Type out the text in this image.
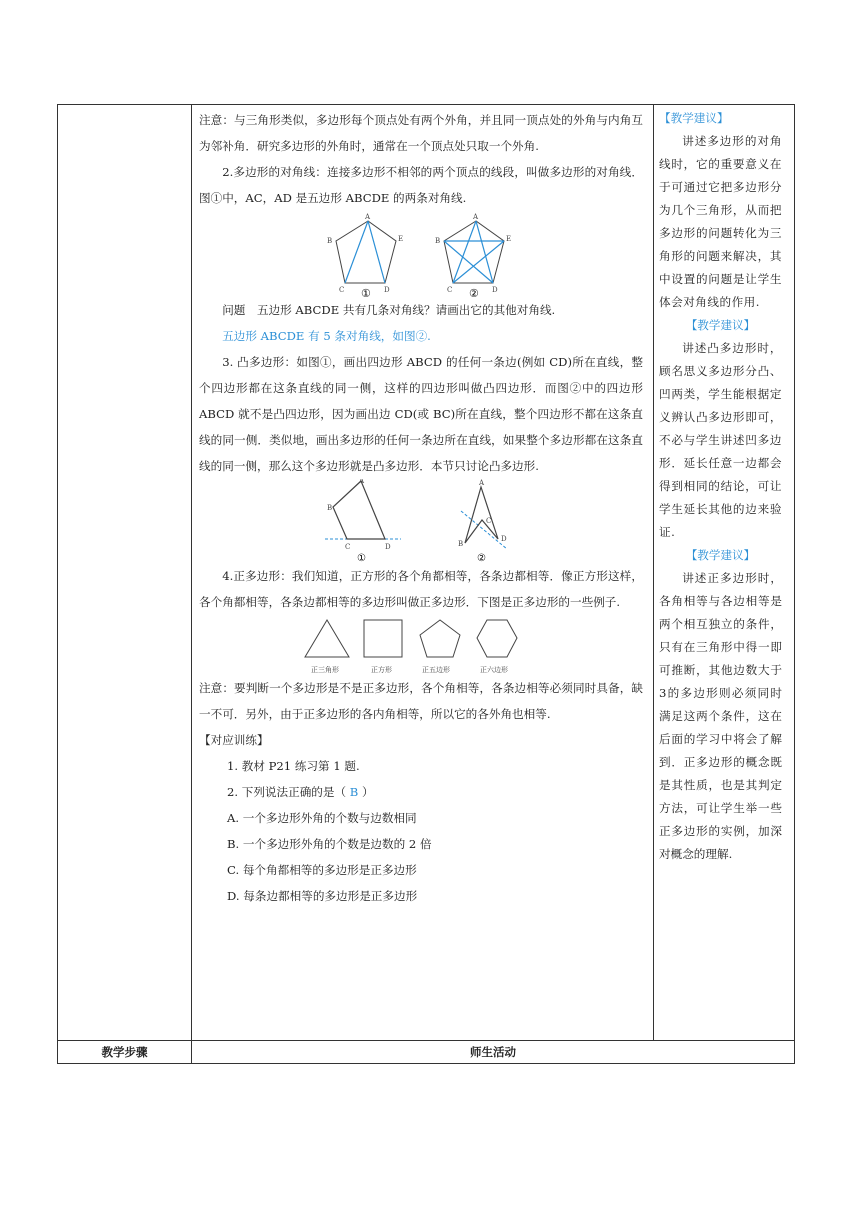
注意：与三角形类似，多边形每个顶点处有两个外角，并且同一顶点处的外角与内角互为邻补角．研究多边形的外角时，通常在一个顶点处只取一个外角.

2.多边形的对角线：连接多边形不相邻的两个顶点的线段，叫做多边形的对角线．图①中，AC，AD 是五边形 ABCDE 的两条对角线.

A
B
C	D
E
①
A
B
C	D
E
②

问题　五边形 ABCDE 共有几条对角线？请画出它的其他对角线.

五边形 ABCDE 有 5 条对角线，如图②.

3. 凸多边形：如图①，画出四边形 ABCD 的任何一条边(例如 CD)所在直线，整个四边形都在这条直线的同一侧，这样的四边形叫做凸四边形．而图②中的四边形 ABCD 就不是凸四边形，因为画出边 CD(或 BC)所在直线，整个四边形不都在这条直线的同一侧．类似地，画出多边形的任何一条边所在直线，如果整个多边形都在这条直线的同一侧，那么这个多边形就是凸多边形．本节只讨论凸多边形.

A
B
C	D
①
A
B
C
D
②

4.正多边形：我们知道，正方形的各个角都相等，各条边都相等．像正方形这样，各个角都相等，各条边都相等的多边形叫做正多边形．下图是正多边形的一些例子.

正三角形	正方形	正五边形	正六边形

注意：要判断一个多边形是不是正多边形，各个角相等，各条边相等必须同时具备，缺一不可．另外，由于正多边形的各内角相等，所以它的各外角也相等.

【对应训练】

1. 教材 P21 练习第 1 题.

2. 下列说法正确的是（ B ）

A. 一个多边形外角的个数与边数相同

B. 一个多边形外角的个数是边数的 2 倍

C. 每个角都相等的多边形是正多边形

D. 每条边都相等的多边形是正多边形

【教学建议】

讲述多边形的对角线时，它的重要意义在于可通过它把多边形分为几个三角形，从而把多边形的问题转化为三角形的问题来解决，其中设置的问题是让学生体会对角线的作用.

【教学建议】

讲述凸多边形时，顾名思义多边形分凸、凹两类，学生能根据定义辨认凸多边形即可，不必与学生讲述凹多边形．延长任意一边都会得到相同的结论，可让学生延长其他的边来验证.

【教学建议】

讲述正多边形时，各角相等与各边相等是两个相互独立的条件，只有在三角形中得一即可推断，其他边数大于3的多边形则必须同时满足这两个条件，这在后面的学习中将会了解到．正多边形的概念既是其性质，也是其判定方法，可让学生举一些正多边形的实例，加深对概念的理解.

教学步骤	师生活动
